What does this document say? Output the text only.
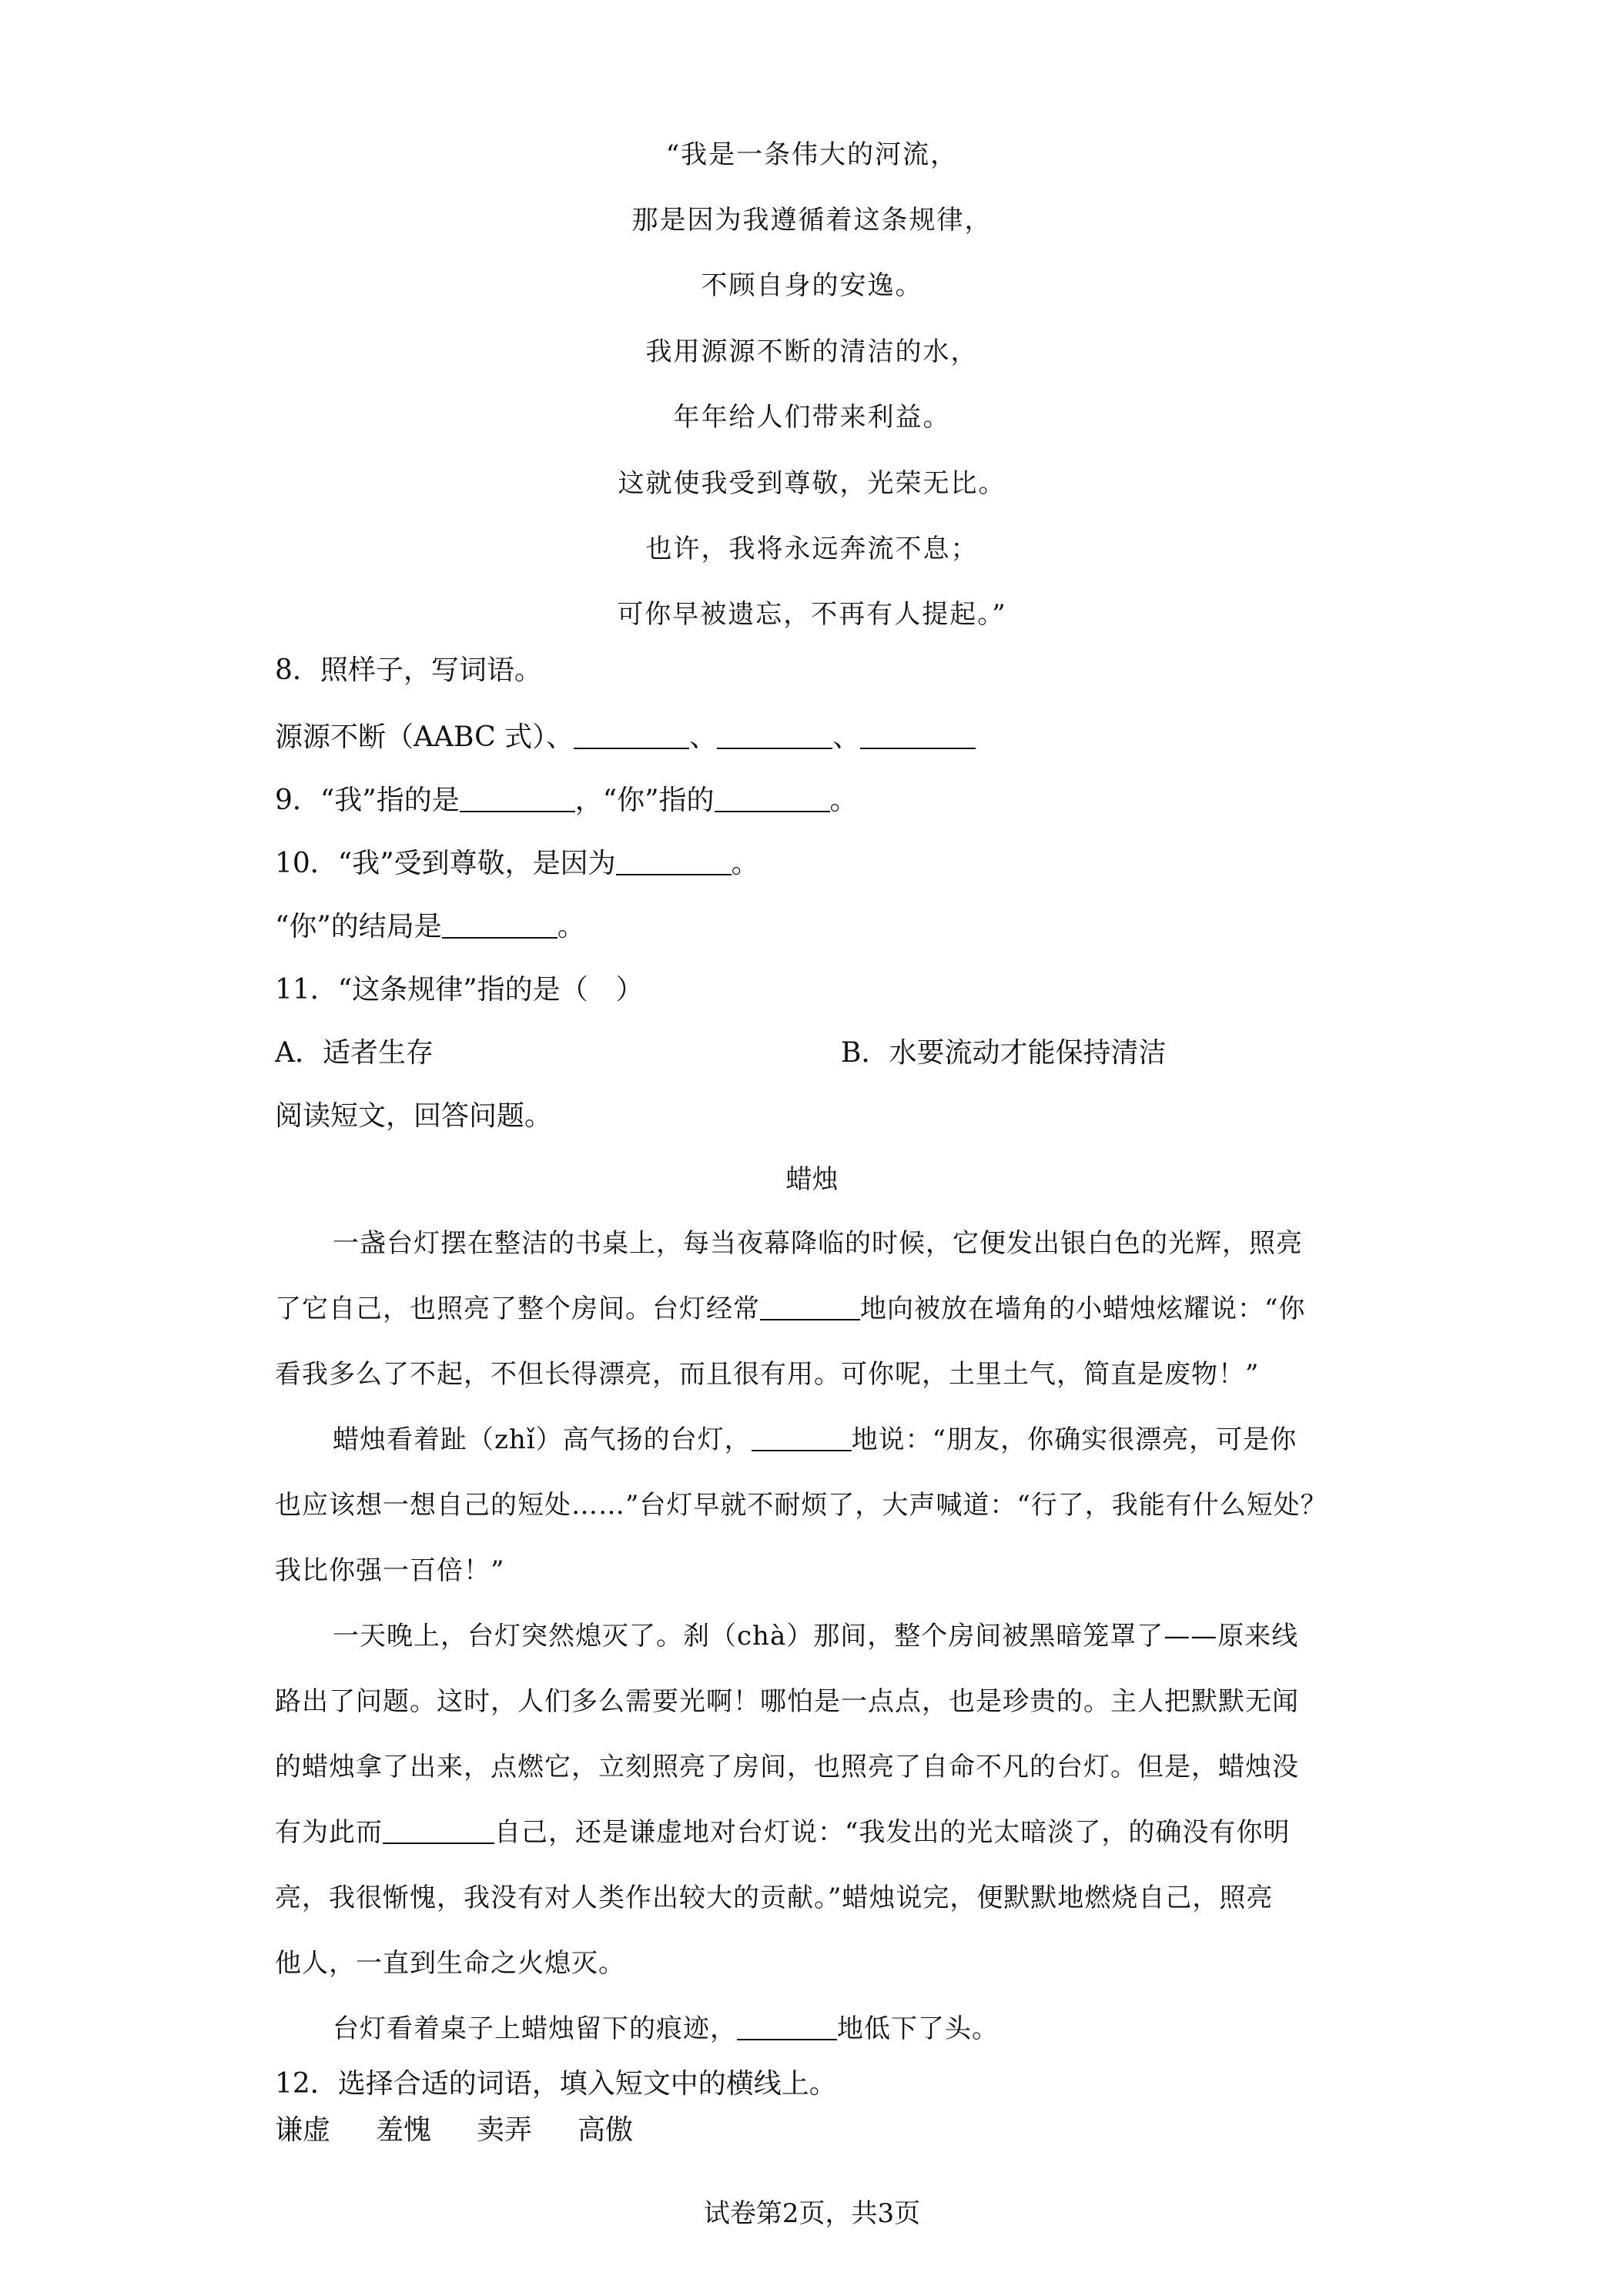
“我是一条伟大的河流，
那是因为我遵循着这条规律，
不顾自身的安逸。
我用源源不断的清洁的水，
年年给人们带来利益。
这就使我受到尊敬，光荣无比。
也许，我将永远奔流不息；
可你早被遗忘，不再有人提起。”
8．照样子，写词语。
源源不断（AABC 式）、	、	、
9．“我”指的是	，“你”指的	。
10．“我”受到尊敬，是因为	。
“你”的结局是	。
11．“这条规律”指的是（　）
A．适者生存	B．水要流动才能保持清洁
阅读短文，回答问题。
蜡烛
一盏台灯摆在整洁的书桌上，每当夜幕降临的时候，它便发出银白色的光辉，照亮
了它自己，也照亮了整个房间。台灯经常	地向被放在墙角的小蜡烛炫耀说：“你
看我多么了不起，不但长得漂亮，而且很有用。可你呢，土里土气，简直是废物！”
蜡烛看着趾（zhǐ）高气扬的台灯，	地说：“朋友，你确实很漂亮，可是你
也应该想一想自己的短处……”台灯早就不耐烦了，大声喊道：“行了，我能有什么短处？
我比你强一百倍！”
一天晚上，台灯突然熄灭了。刹（chà）那间，整个房间被黑暗笼罩了——原来线
路出了问题。这时，人们多么需要光啊！哪怕是一点点，也是珍贵的。主人把默默无闻
的蜡烛拿了出来，点燃它，立刻照亮了房间，也照亮了自命不凡的台灯。但是，蜡烛没
有为此而	自己，还是谦虚地对台灯说：“我发出的光太暗淡了，的确没有你明
亮，我很惭愧，我没有对人类作出较大的贡献。”蜡烛说完，便默默地燃烧自己，照亮
他人，一直到生命之火熄灭。
台灯看着桌子上蜡烛留下的痕迹，	地低下了头。
12．选择合适的词语，填入短文中的横线上。
谦虚 羞愧 卖弄 高傲
试卷第2页，共3页
